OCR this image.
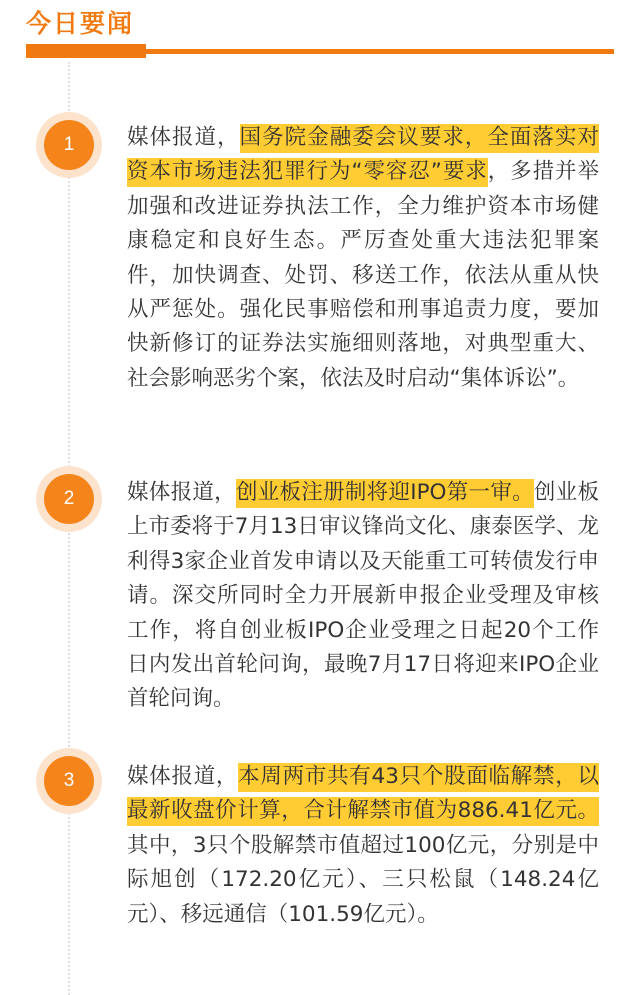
今日要闻
1	媒体报道，国务院金融委会议要求，全面落实对资本市场违法犯罪行为“零容忍”要求，多措并举加强和改进证券执法工作，全力维护资本市场健康稳定和良好生态。严厉查处重大违法犯罪案件，加快调查、处罚、移送工作，依法从重从快从严惩处。强化民事赔偿和刑事追责力度，要加快新修订的证券法实施细则落地，对典型重大、社会影响恶劣个案，依法及时启动“集体诉讼”。
2	媒体报道，创业板注册制将迎IPO第一审。创业板上市委将于7月13日审议锋尚文化、康泰医学、龙利得3家企业首发申请以及天能重工可转债发行申请。深交所同时全力开展新申报企业受理及审核工作，将自创业板IPO企业受理之日起20个工作日内发出首轮问询，最晚7月17日将迎来IPO企业首轮问询。
3	媒体报道，本周两市共有43只个股面临解禁，以最新收盘价计算，合计解禁市值为886.41亿元。其中，3只个股解禁市值超过100亿元，分别是中际旭创（172.20亿元）、三只松鼠（148.24亿元）、移远通信（101.59亿元）。
